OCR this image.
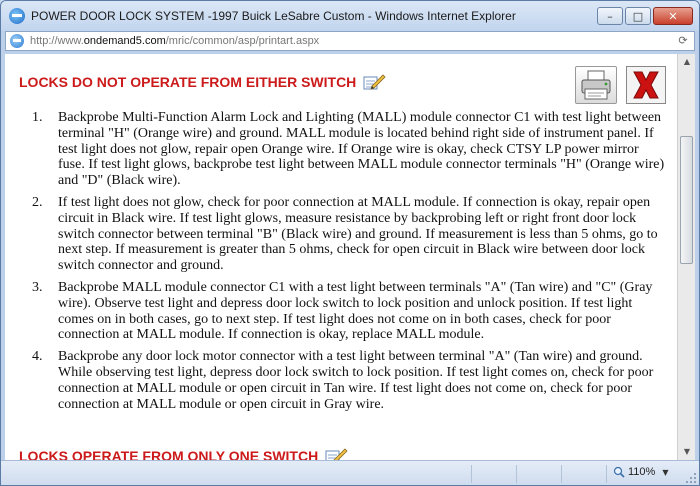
POWER DOOR LOCK SYSTEM -1997 Buick LeSabre Custom - Windows Internet Explorer	–	□	✕
http://www.ondemand5.com/mric/common/asp/printart.aspx	⟳
LOCKS DO NOT OPERATE FROM EITHER SWITCH
1. Backprobe Multi-Function Alarm Lock and Lighting (MALL) module connector C1 with test light between terminal "H" (Orange wire) and ground. MALL module is located behind right side of instrument panel. If test light does not glow, repair open Orange wire. If Orange wire is okay, check CTSY LP power mirror fuse. If test light glows, backprobe test light between MALL module connector terminals "H" (Orange wire) and "D" (Black wire).
2. If test light does not glow, check for poor connection at MALL module. If connection is okay, repair open circuit in Black wire. If test light glows, measure resistance by backprobing left or right front door lock switch connector between terminal "B" (Black wire) and ground. If measurement is less than 5 ohms, go to next step. If measurement is greater than 5 ohms, check for open circuit in Black wire between door lock switch connector and ground.
3. Backprobe MALL module connector C1 with a test light between terminals "A" (Tan wire) and "C" (Gray wire). Observe test light and depress door lock switch to lock position and unlock position. If test light comes on in both cases, go to next step. If test light does not come on in both cases, check for poor connection at MALL module. If connection is okay, replace MALL module.
4. Backprobe any door lock motor connector with a test light between terminal "A" (Tan wire) and ground. While observing test light, depress door lock switch to lock position. If test light comes on, check for poor connection at MALL module or open circuit in Tan wire. If test light does not come on, check for poor connection at MALL module or open circuit in Gray wire.
LOCKS OPERATE FROM ONLY ONE SWITCH
▲
▼
110% ▼
